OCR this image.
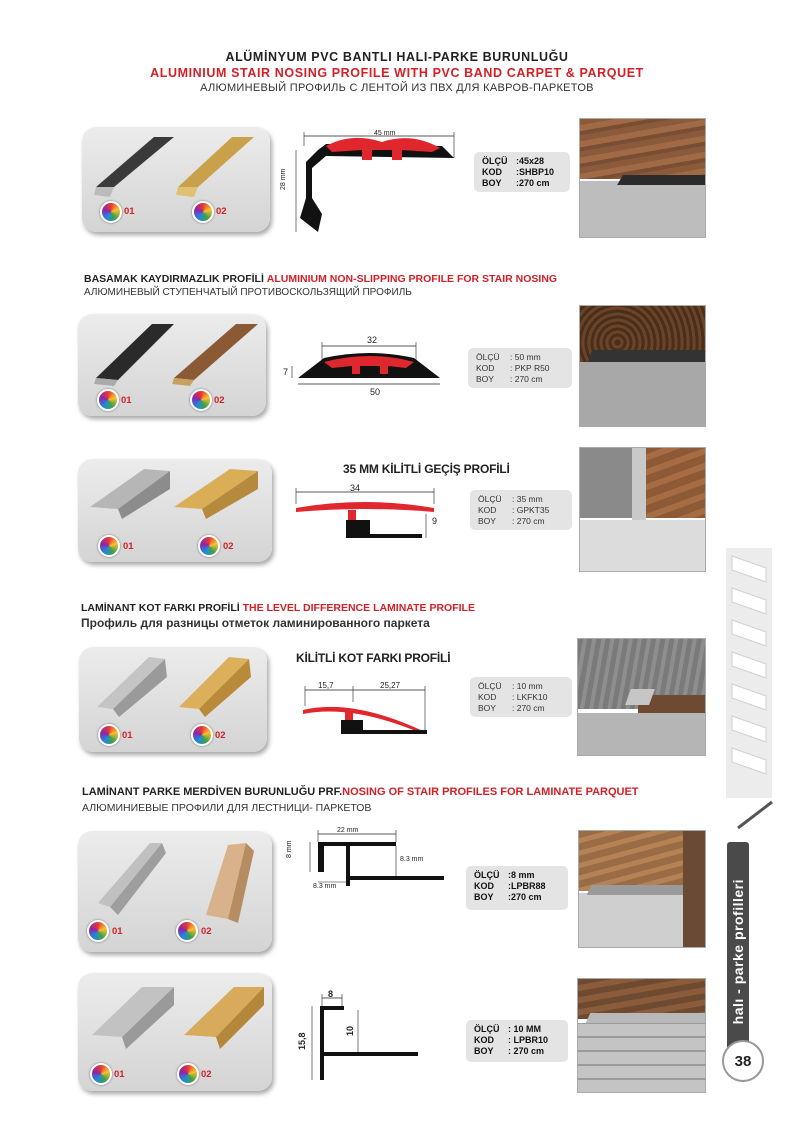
ALÜMİNYUM PVC BANTLI HALI-PARKE BURUNLUĞU
ALUMINIUM STAIR NOSING PROFILE WITH PVC BAND CARPET & PARQUET
АЛЮМИНЕВЫЙ ПРОФИЛЬ С ЛЕНТОЙ ИЗ ПВХ ДЛЯ КАВРОВ-ПАРКЕТОВ
halı - parke profilleri
38
01	02
45 mm
28 mm
ÖLÇÜ :45x28
KOD	:SHBP10
BOY	:270 cm
BASAMAK KAYDIRMAZLIK PROFİLİ ALUMINIUM NON-SLIPPING PROFILE FOR STAIR NOSING
АЛЮМИНЕВЫЙ СТУПЕНЧАТЫЙ ПРОТИВОСКОЛЬЗЯЩИЙ ПРОФИЛЬ
01	02
32
50
7
ÖLÇÜ	: 50 mm
KOD	: PKP R50
BOY	: 270 cm
01	02
35 MM KİLİTLİ GEÇİŞ PROFİLİ
34
9
ÖLÇÜ	: 35 mm
KOD	: GPKT35
BOY	: 270 cm
LAMİNANT KOT FARKI PROFİLİ THE LEVEL DIFFERENCE LAMINATE PROFILE
Профиль для разницы отметок ламинированного паркета
01	02
KİLİTLİ KOT FARKI PROFİLİ
15,7	25,27	ÖLÇÜ	: 10 mm
KOD	: LKFK10
BOY	: 270 cm
LAMİNANT PARKE MERDİVEN BURUNLUĞU PRF.NOSING OF STAIR PROFILES FOR LAMINATE PARQUET
АЛЮМИНИЕВЫЕ ПРОФИЛИ ДЛЯ ЛЕСТНИЦИ- ПАРКЕТОВ
01	02
22 mm
8 mm
8.3 mm
8.3 mm
ÖLÇÜ :8 mm
KOD	:LPBR88
BOY	:270 cm
01	02
8
15,8
10	ÖLÇÜ : 10 MM
KOD	: LPBR10
BOY	: 270 cm
